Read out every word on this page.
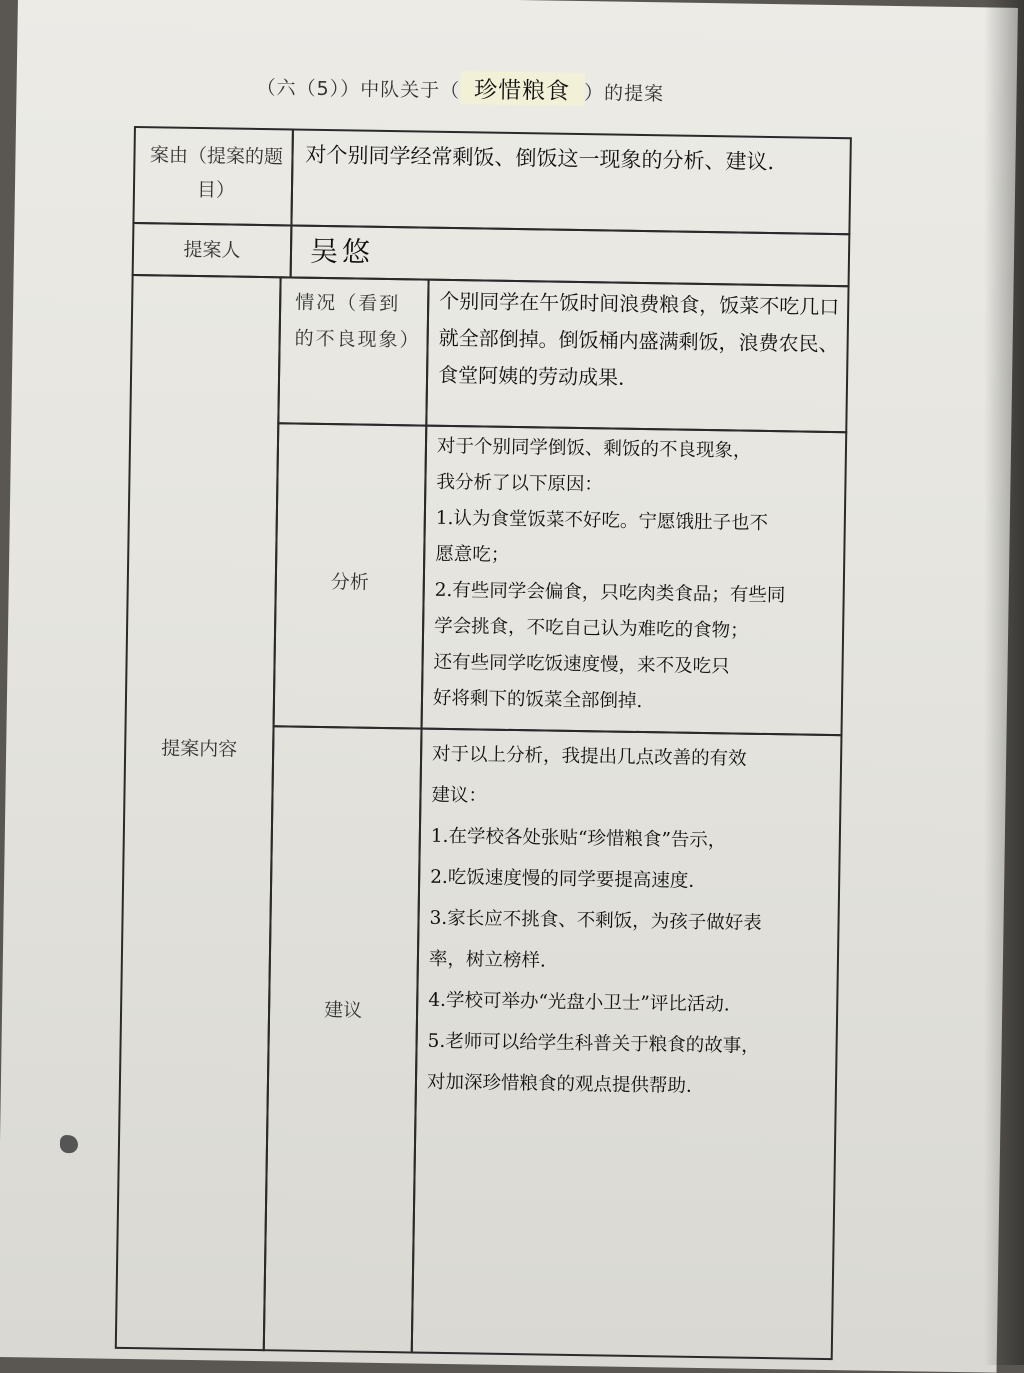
（六（5））中队关于（ 珍惜粮食 ）的提案
案由（提案的题目）
对个别同学经常剩饭、倒饭这一现象的分析、建议.
提案人	吴悠
提案内容
情况（看到的不良现象）
个别同学在午饭时间浪费粮食，饭菜不吃几口就全部倒掉。倒饭桶内盛满剩饭，浪费农民、食堂阿姨的劳动成果.
分析
对于个别同学倒饭、剩饭的不良现象，
我分析了以下原因：
1.认为食堂饭菜不好吃。宁愿饿肚子也不
愿意吃；
2.有些同学会偏食，只吃肉类食品；有些同
学会挑食，不吃自己认为难吃的食物；
还有些同学吃饭速度慢，来不及吃只
好将剩下的饭菜全部倒掉.
建议
对于以上分析，我提出几点改善的有效
建议：
1.在学校各处张贴“珍惜粮食”告示，
2.吃饭速度慢的同学要提高速度.
3.家长应不挑食、不剩饭，为孩子做好表
率，树立榜样.
4.学校可举办“光盘小卫士”评比活动.
5.老师可以给学生科普关于粮食的故事，
对加深珍惜粮食的观点提供帮助.
